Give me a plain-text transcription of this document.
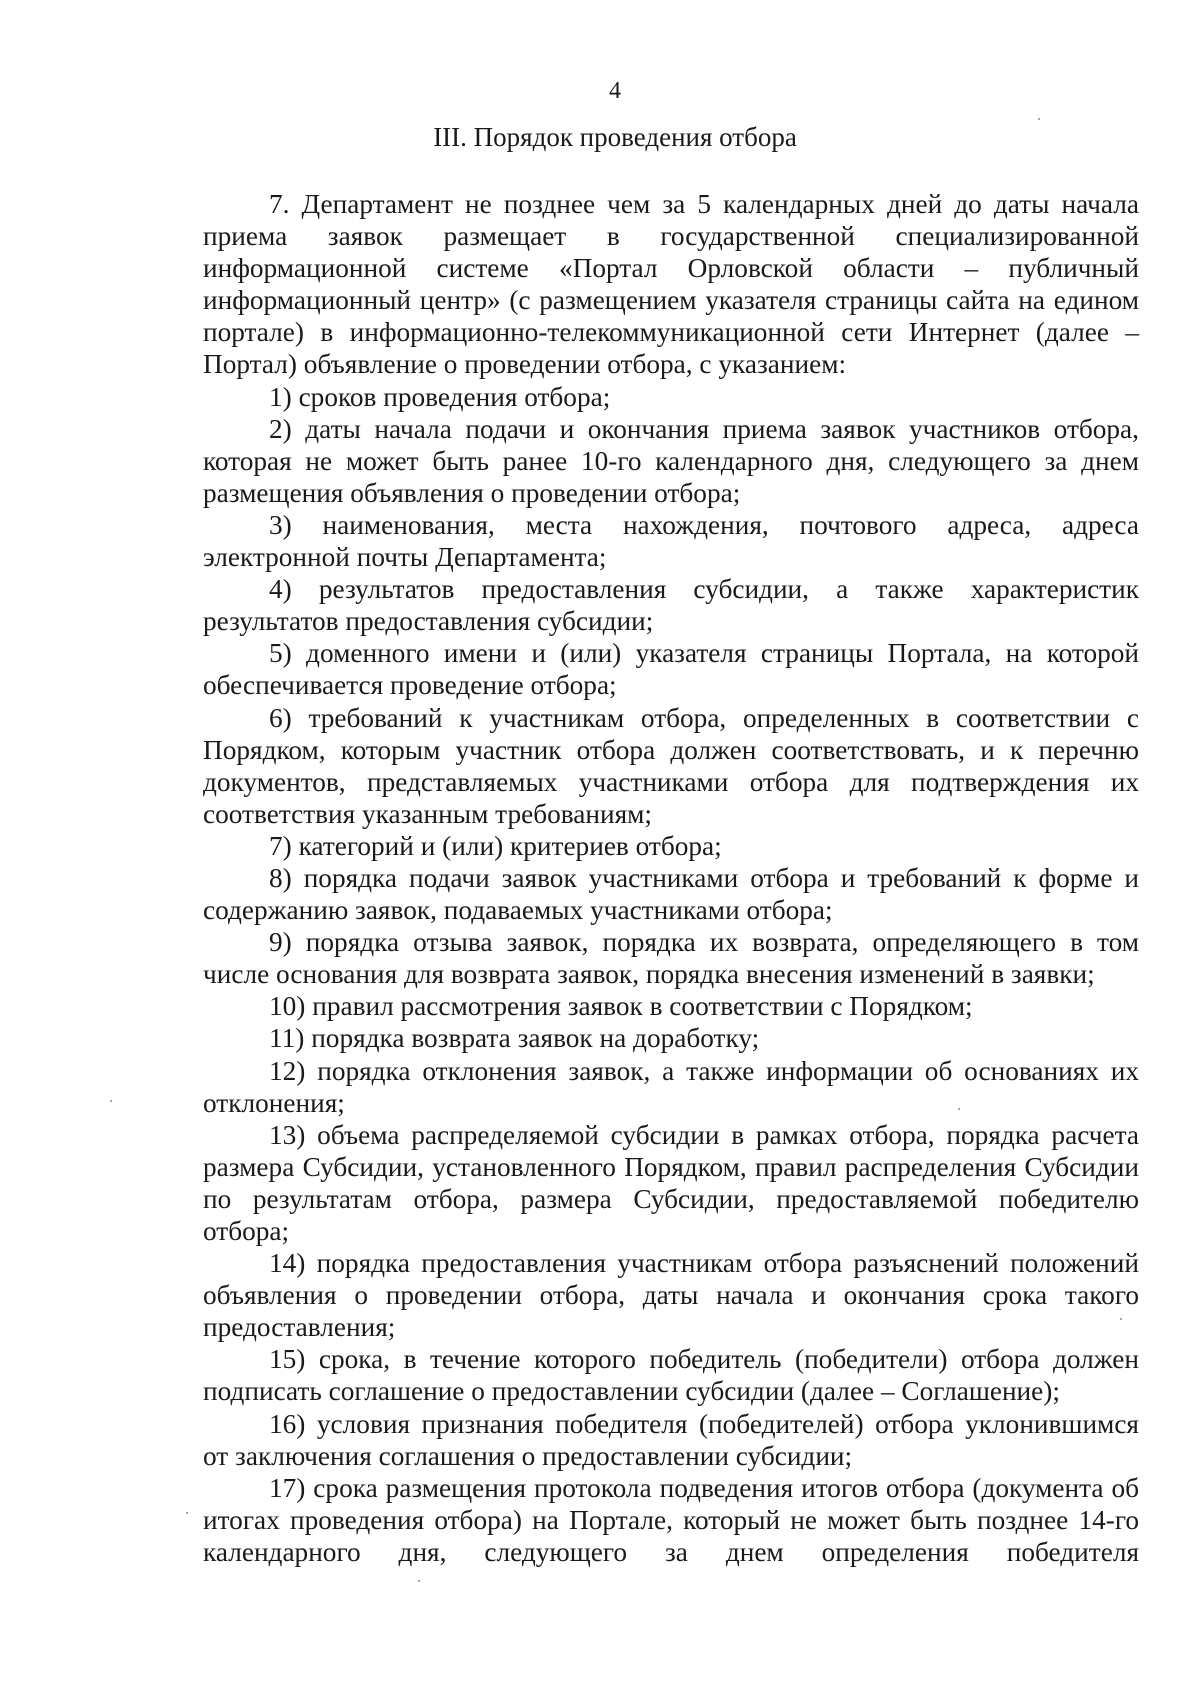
4
III. Порядок проведения отбора

7. Департамент не позднее чем за 5 календарных дней до даты начала приема заявок размещает в государственной специализированной информационной системе «Портал Орловской области – публичный информационный центр» (с размещением указателя страницы сайта на едином портале) в информационно-телекоммуникационной сети Интернет (далее – Портал) объявление о проведении отбора, с указанием:

1) сроков проведения отбора;

2) даты начала подачи и окончания приема заявок участников отбора, которая не может быть ранее 10-го календарного дня, следующего за днем размещения объявления о проведении отбора;

3) наименования, места нахождения, почтового адреса, адреса электронной почты Департамента;

4) результатов предоставления субсидии, а также характеристик результатов предоставления субсидии;

5) доменного имени и (или) указателя страницы Портала, на которой обеспечивается проведение отбора;

6) требований к участникам отбора, определенных в соответствии с Порядком, которым участник отбора должен соответствовать, и к перечню документов, представляемых участниками отбора для подтверждения их соответствия указанным требованиям;

7) категорий и (или) критериев отбора;

8) порядка подачи заявок участниками отбора и требований к форме и содержанию заявок, подаваемых участниками отбора;

9) порядка отзыва заявок, порядка их возврата, определяющего в том числе основания для возврата заявок, порядка внесения изменений в заявки;

10) правил рассмотрения заявок в соответствии с Порядком;

11) порядка возврата заявок на доработку;

12) порядка отклонения заявок, а также информации об основаниях их отклонения;

13) объема распределяемой субсидии в рамках отбора, порядка расчета размера Субсидии, установленного Порядком, правил распределения Субсидии по результатам отбора, размера Субсидии, предоставляемой победителю отбора;

14) порядка предоставления участникам отбора разъяснений положений объявления о проведении отбора, даты начала и окончания срока такого предоставления;

15) срока, в течение которого победитель (победители) отбора должен подписать соглашение о предоставлении субсидии (далее – Соглашение);

16) условия признания победителя (победителей) отбора уклонившимся от заключения соглашения о предоставлении субсидии;

17) срока размещения протокола подведения итогов отбора (документа об итогах проведения отбора) на Портале, который не может быть позднее 14-го календарного дня, следующего за днем определения победителя
